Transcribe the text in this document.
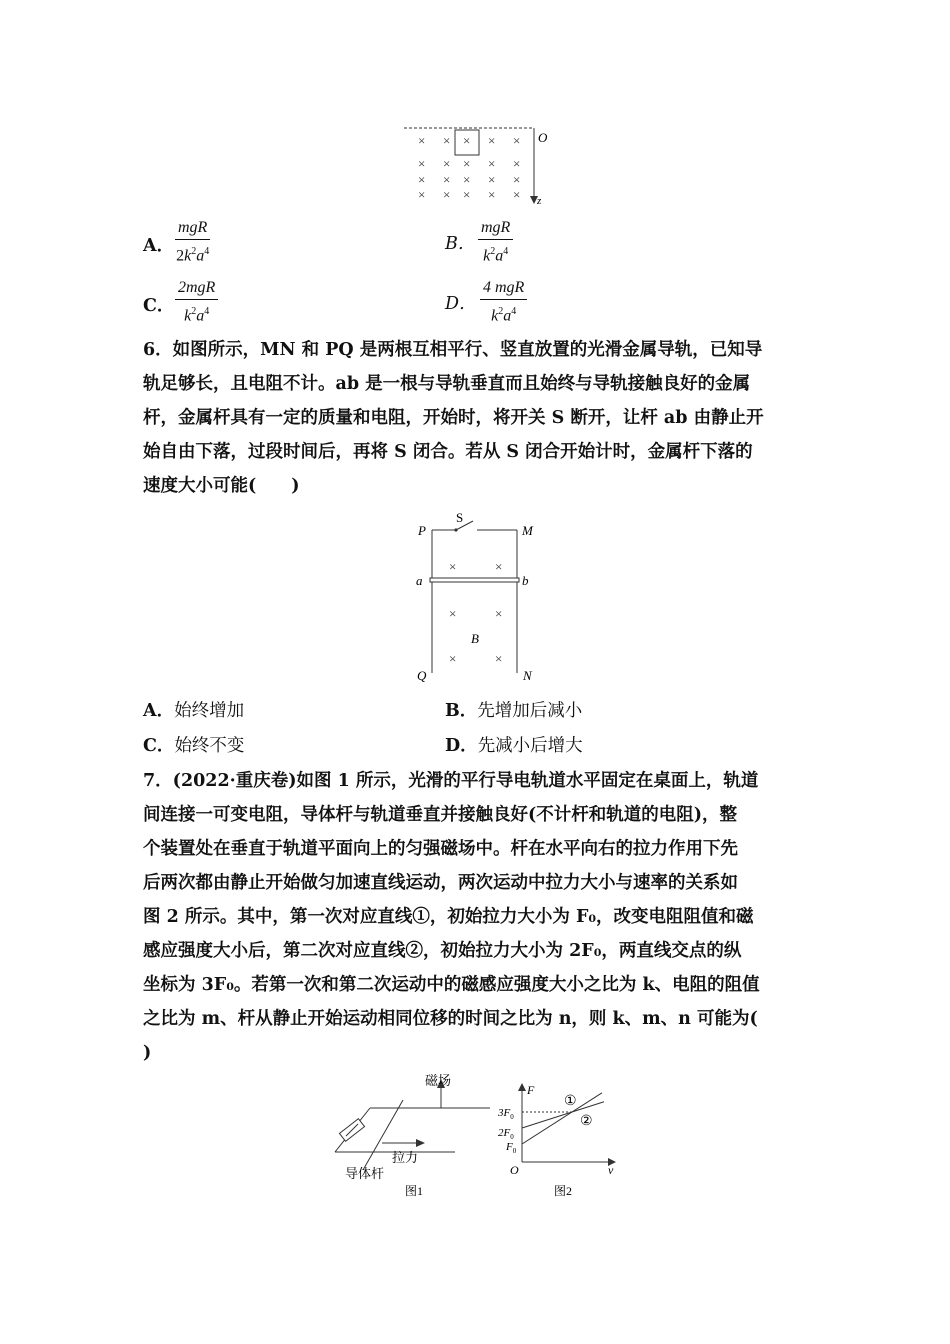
O
z
× × × × ×
× × × × ×
× × × × ×
× × × × ×
A．
mgR
$2k^2a^4$	B．
mgR
$k^2a^4$
C．
2mgR
$k^2a^4$	D．
4 mgR
$k^2a^4$
6．如图所示，MN 和 PQ 是两根互相平行、竖直放置的光滑金属导轨，已知导
轨足够长，且电阻不计。ab 是一根与导轨垂直而且始终与导轨接触良好的金属
杆，金属杆具有一定的质量和电阻，开始时，将开关 S 断开，让杆 ab 由静止开
始自由下落，过段时间后，再将 S 闭合。若从 S 闭合开始计时，金属杆下落的
速度大小可能(　　)
P
S
M
a	b
B
Q	N
×	×
×	×
×	×
A．始终增加	B．先增加后减小
C．始终不变	D．先减小后增大
7．(2022·重庆卷)如图 1 所示，光滑的平行导电轨道水平固定在桌面上，轨道
间连接一可变电阻，导体杆与轨道垂直并接触良好(不计杆和轨道的电阻)，整
个装置处在垂直于轨道平面向上的匀强磁场中。杆在水平向右的拉力作用下先
后两次都由静止开始做匀加速直线运动，两次运动中拉力大小与速率的关系如
图 2 所示。其中，第一次对应直线①，初始拉力大小为 F₀，改变电阻阻值和磁
感应强度大小后，第二次对应直线②，初始拉力大小为 2F₀，两直线交点的纵
坐标为 3F₀。若第一次和第二次运动中的磁感应强度大小之比为 k、电阻的阻值
之比为 m、杆从静止开始运动相同位移的时间之比为 n，则 k、m、n 可能为(
)
磁场
拉力
导体杆
图1
F
v
O
$3F_0$
$2F_0$
$F_0$
①
②
图2
